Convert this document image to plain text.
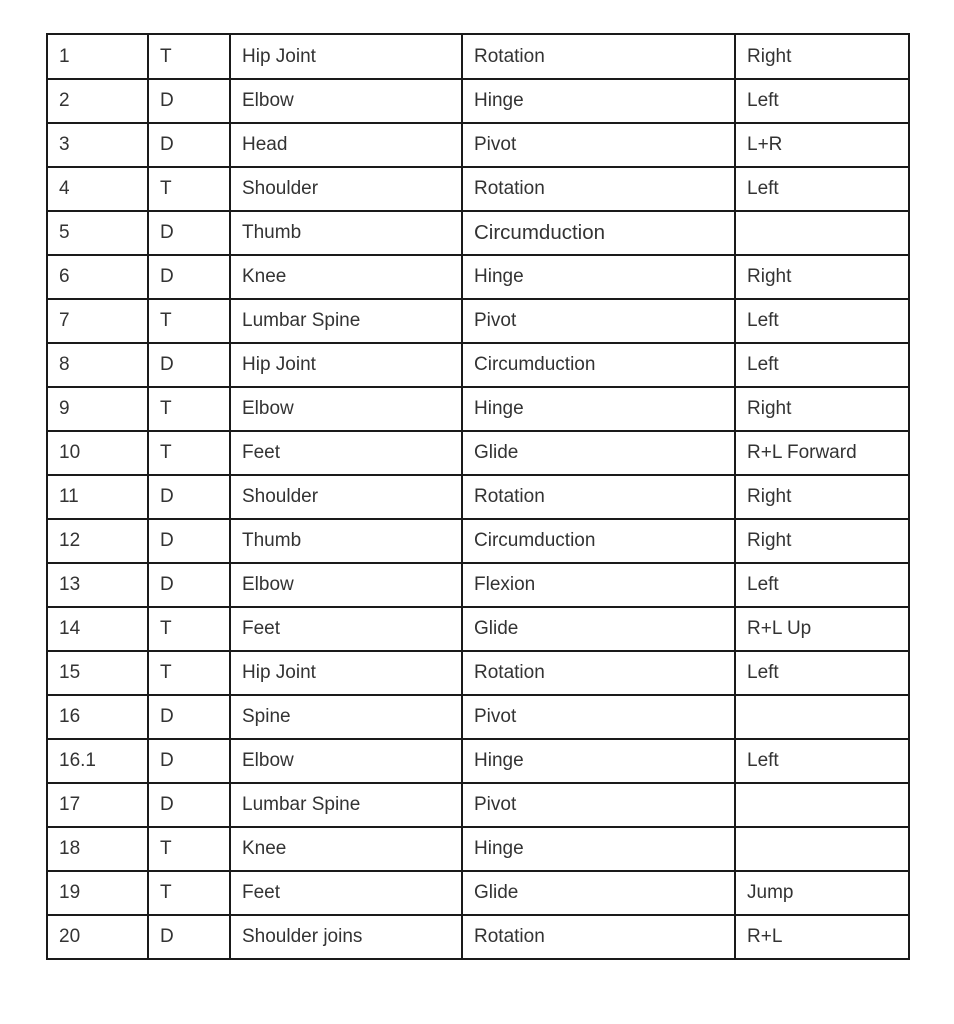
1	T	Hip Joint	Rotation	Right
2	D	Elbow	Hinge	Left
3	D	Head	Pivot	L+R
4	T	Shoulder	Rotation	Left
5	D	Thumb	Circumduction	
6	D	Knee	Hinge	Right
7	T	Lumbar Spine	Pivot	Left
8	D	Hip Joint	Circumduction	Left
9	T	Elbow	Hinge	Right
10	T	Feet	Glide	R+L Forward
11	D	Shoulder	Rotation	Right
12	D	Thumb	Circumduction	Right
13	D	Elbow	Flexion	Left
14	T	Feet	Glide	R+L Up
15	T	Hip Joint	Rotation	Left
16	D	Spine	Pivot	
16.1	D	Elbow	Hinge	Left
17	D	Lumbar Spine	Pivot	
18	T	Knee	Hinge	
19	T	Feet	Glide	Jump
20	D	Shoulder joins	Rotation	R+L
